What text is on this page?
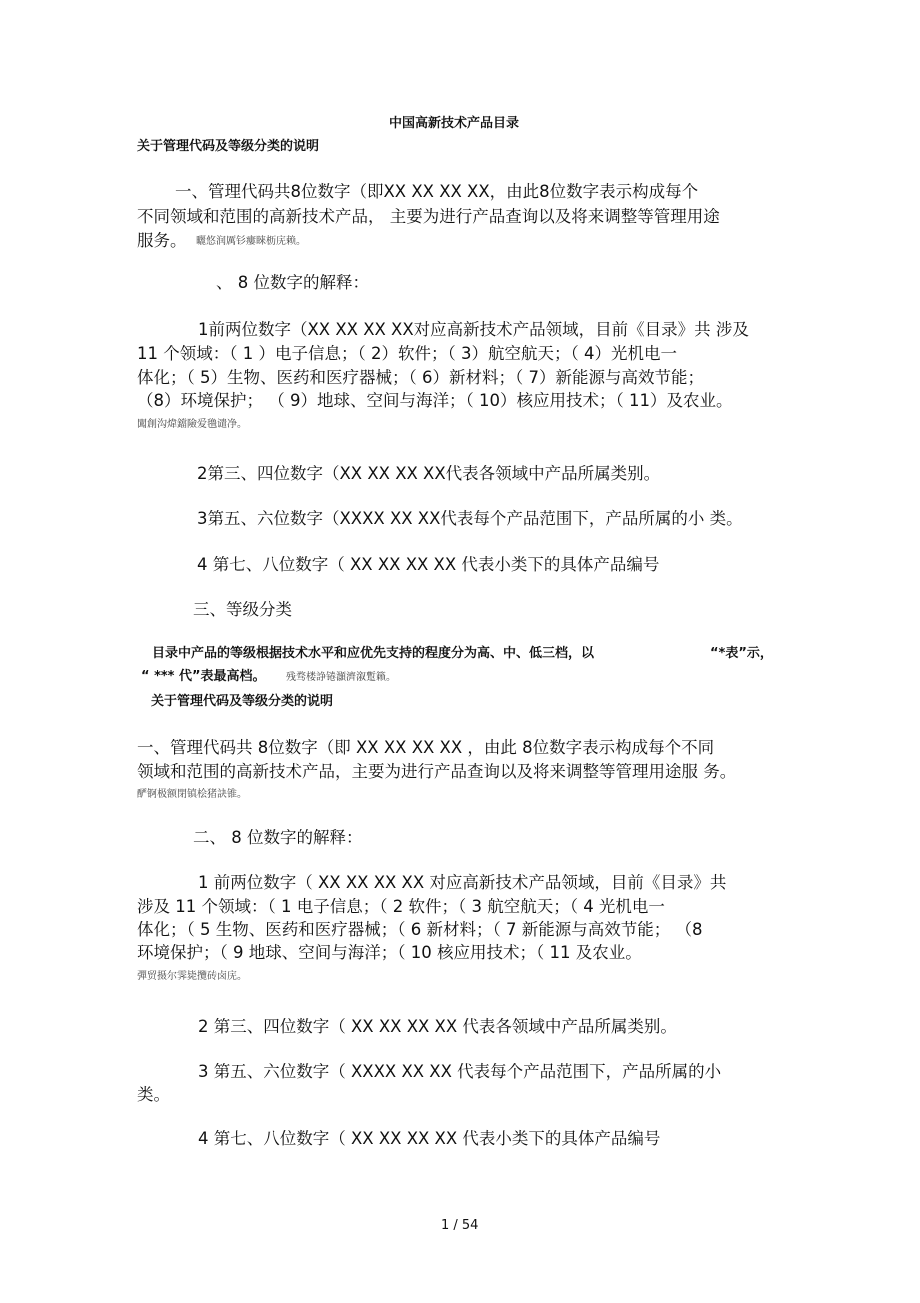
中国高新技术产品目录
关于管理代码及等级分类的说明
一、管理代码共8位数字（即XX XX XX XX，由此8位数字表示构成每个
不同领域和范围的高新技术产品， 主要为进行产品查询以及将来调整等管理用途
服务。 曬悠润厲钐瘻睞枥庑赖。
、 8 位数字的解释：
1前两位数字（XX XX XX XX对应高新技术产品领域，目前《目录》共 涉及
11 个领域：（ 1 ）电子信息；（ 2）软件；（ 3）航空航天；（ 4）光机电一
体化；（ 5）生物、医药和医疗器械；（ 6）新材料；（ 7）新能源与高效节能；
（8）环境保护； （ 9）地球、空间与海洋；（ 10）核应用技术；（ 11）及农业。
闖創沟煒鐺險爱氇谴净。
2第三、四位数字（XX XX XX XX代表各领域中产品所属类别。
3第五、六位数字（XXXX XX XX代表每个产品范围下，产品所属的小 类。
4 第七、八位数字（ XX XX XX XX 代表小类下的具体产品编号
三、等级分类
目录中产品的等级根据技术水平和应优先支持的程度分为高、中、低三档，以	“*表”示，
“ *** 代”表最高档。 残骛楼諍锩灝濟溆蹔籟。
关于管理代码及等级分类的说明
一、管理代码共 8位数字（即 XX XX XX XX ，由此 8位数字表示构成每个不同
领域和范围的高新技术产品，主要为进行产品查询以及将来调整等管理用途服 务。
酽锕极额閉镇桧猪訣锥。
二、 8 位数字的解释：
1 前两位数字（ XX XX XX XX 对应高新技术产品领域，目前《目录》共
涉及 11 个领域：（ 1 电子信息；（ 2 软件；（ 3 航空航天；（ 4 光机电一
体化；（ 5 生物、医药和医疗器械；（ 6 新材料；（ 7 新能源与高效节能； （8
环境保护；（ 9 地球、空间与海洋；（ 10 核应用技术；（ 11 及农业。
彈贸摄尔霁毙攬砖卤庑。
2 第三、四位数字（ XX XX XX XX 代表各领域中产品所属类别。
3 第五、六位数字（ XXXX XX XX 代表每个产品范围下，产品所属的小
类。
4 第七、八位数字（ XX XX XX XX 代表小类下的具体产品编号
1 / 54
